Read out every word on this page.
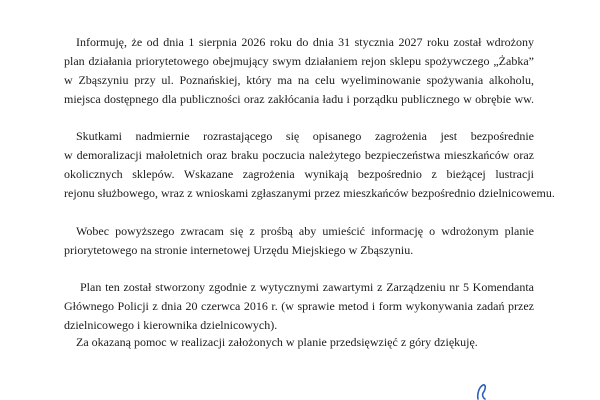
Informuję, że od dnia 1 sierpnia 2026 roku do dnia 31 stycznia 2027 roku został wdrożony

plan działania priorytetowego obejmujący swym działaniem rejon sklepu spożywczego „Żabka”

w Zbąszyniu przy ul. Poznańskiej, który ma na celu wyeliminowanie spożywania alkoholu,

miejsca dostępnego dla publiczności oraz zakłócania ładu i porządku publicznego w obrębie ww.

Skutkami nadmiernie rozrastającego się opisanego zagrożenia jest bezpośrednie

w demoralizacji małoletnich oraz braku poczucia należytego bezpieczeństwa mieszkańców oraz

okolicznych sklepów. Wskazane zagrożenia wynikają bezpośrednio z bieżącej lustracji

rejonu służbowego, wraz z wnioskami zgłaszanymi przez mieszkańców bezpośrednio dzielnicowemu.

Wobec powyższego zwracam się z prośbą aby umieścić informację o wdrożonym planie

priorytetowego na stronie internetowej Urzędu Miejskiego w Zbąszyniu.

Plan ten został stworzony zgodnie z wytycznymi zawartymi z Zarządzeniu nr 5 Komendanta

Głównego Policji z dnia 20 czerwca 2016 r. (w sprawie metod i form wykonywania zadań przez

dzielnicowego i kierownika dzielnicowych).

Za okazaną pomoc w realizacji założonych w planie przedsięwzięć z góry dziękuję.
